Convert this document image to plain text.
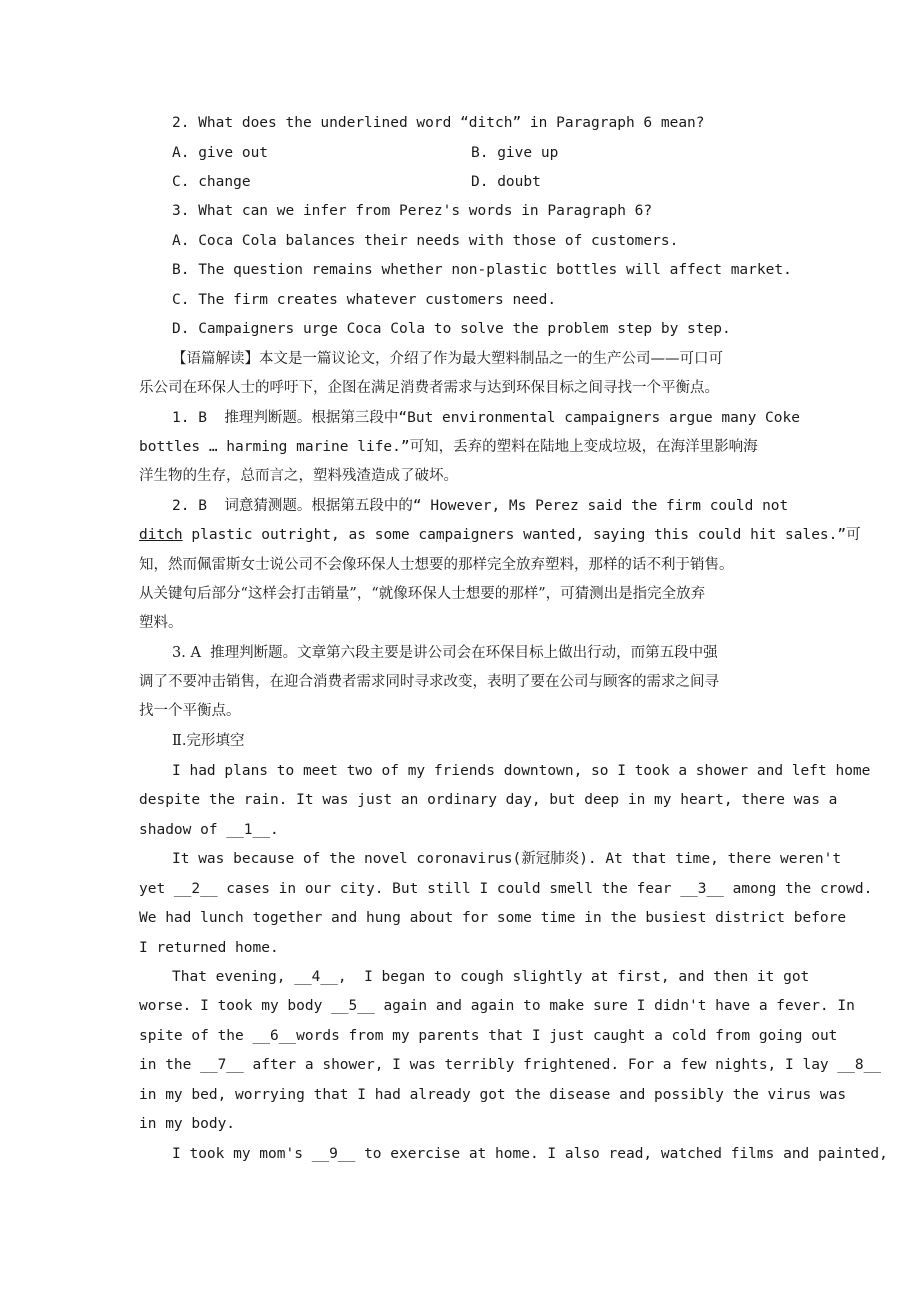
2. What does the underlined word “ditch” in Paragraph 6 mean?
A. give out	B. give up
C. change	D. doubt
3. What can we infer from Perez's words in Paragraph 6?
A. Coca Cola balances their needs with those of customers.
B. The question remains whether non-plastic bottles will affect market.
C. The firm creates whatever customers need.
D. Campaigners urge Coca Cola to solve the problem step by step.
【语篇解读】本文是一篇议论文，介绍了作为最大塑料制品之一的生产公司——可口可
乐公司在环保人士的呼吁下，企图在满足消费者需求与达到环保目标之间寻找一个平衡点。
1. B  推理判断题。根据第三段中“But environmental campaigners argue many Coke
bottles … harming marine life.”可知，丢弃的塑料在陆地上变成垃圾，在海洋里影响海
洋生物的生存，总而言之，塑料残渣造成了破坏。
2. B  词意猜测题。根据第五段中的“ However, Ms Perez said the firm could not
ditch plastic outright, as some campaigners wanted, saying this could hit sales.”可
知，然而佩雷斯女士说公司不会像环保人士想要的那样完全放弃塑料，那样的话不利于销售。
从关键句后部分“这样会打击销量”，“就像环保人士想要的那样”，可猜测出是指完全放弃
塑料。
3. A  推理判断题。文章第六段主要是讲公司会在环保目标上做出行动，而第五段中强
调了不要冲击销售，在迎合消费者需求同时寻求改变，表明了要在公司与顾客的需求之间寻
找一个平衡点。
Ⅱ.完形填空
I had plans to meet two of my friends downtown, so I took a shower and left home
despite the rain. It was just an ordinary day, but deep in my heart, there was a
shadow of __1__.
It was because of the novel coronavirus(新冠肺炎). At that time, there weren't
yet __2__ cases in our city. But still I could smell the fear __3__ among the crowd.
We had lunch together and hung about for some time in the busiest district before
I returned home.
That evening, __4__,  I began to cough slightly at first, and then it got
worse. I took my body __5__ again and again to make sure I didn't have a fever. In
spite of the __6__words from my parents that I just caught a cold from going out
in the __7__ after a shower, I was terribly frightened. For a few nights, I lay __8__
in my bed, worrying that I had already got the disease and possibly the virus was
in my body.
I took my mom's __9__ to exercise at home. I also read, watched films and painted,
